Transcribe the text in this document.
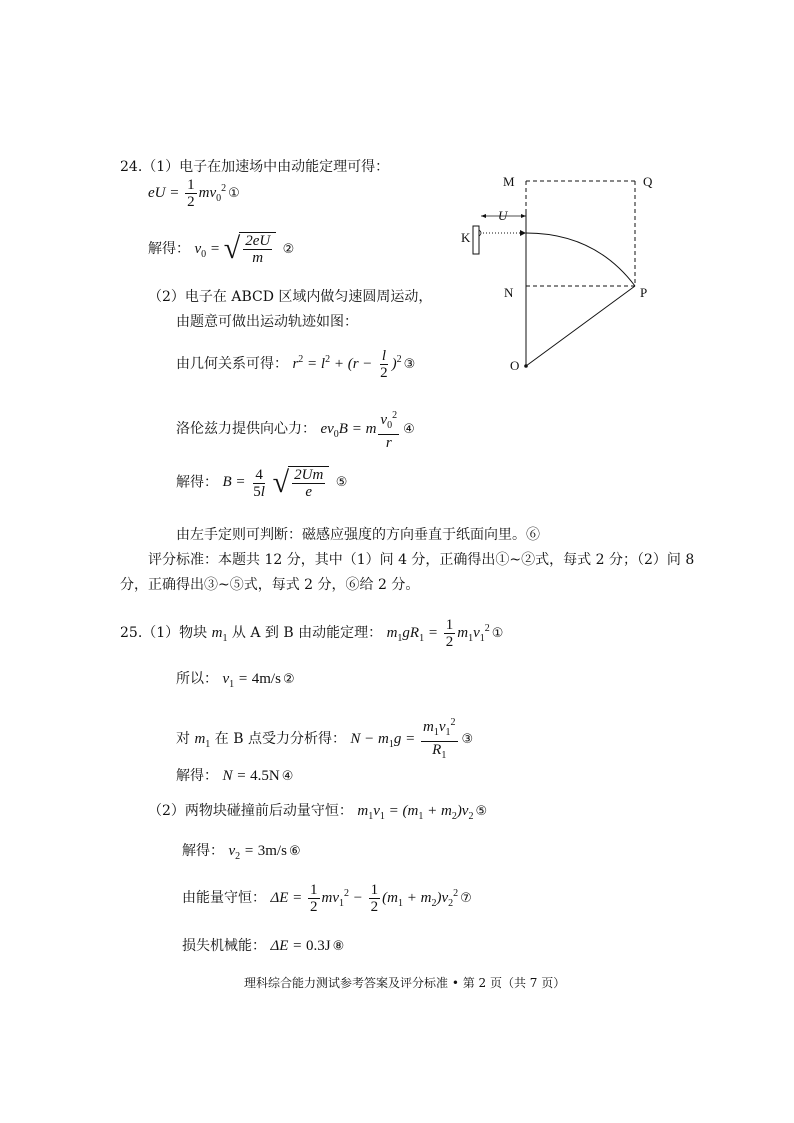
24.（1）电子在加速场中由动能定理可得：
eU = $\frac{1}{2} mv_0^2$ ①
解得： $v_0$ = √ $\frac{2eU}{m}$ ②
（2）电子在 ABCD 区域内做匀速圆周运动，
由题意可做出运动轨迹如图：
由几何关系可得： $r^2 = l^2 + (r - \frac{l}{2} )^2$ ③
洛伦兹力提供向心力： $ev_0B = m \frac{v_0^2}{r}$ ④
解得： $B = \frac{4}{5l}$
√ $\frac{2Um}{e}$ ⑤
由左手定则可判断：磁感应强度的方向垂直于纸面向里。⑥
评分标准：本题共 12 分，其中（1）问 4 分，正确得出①~②式，每式 2 分；（2）问 8
分，正确得出③~⑤式，每式 2 分，⑥给 2 分。
M	Q
K
U
N	P
O
25.（1）物块 $m_1$ 从 A 到 B 由动能定理： $m_1gR_1 = \frac{1}{2} m_1v_1^2$ ①
所以： $v_1 = 4m/s$ ②
对 $m_1$ 在 B 点受力分析得： $N - m_1g = \frac{m_1v_1^2}{R_1}$ ③
解得： N = 4.5N ④
（2）两物块碰撞前后动量守恒： $m_1v_1 = (m_1 + m_2)v_2$ ⑤
解得： $v_2 = 3m/s$ ⑥
由能量守恒： $\Delta E = \frac{1}{2} mv_1^2 - \frac{1}{2} (m_1 + m_2)v_2^2$ ⑦
损失机械能： ΔE = 0.3J ⑧
理科综合能力测试参考答案及评分标准 • 第 2 页（共 7 页）
